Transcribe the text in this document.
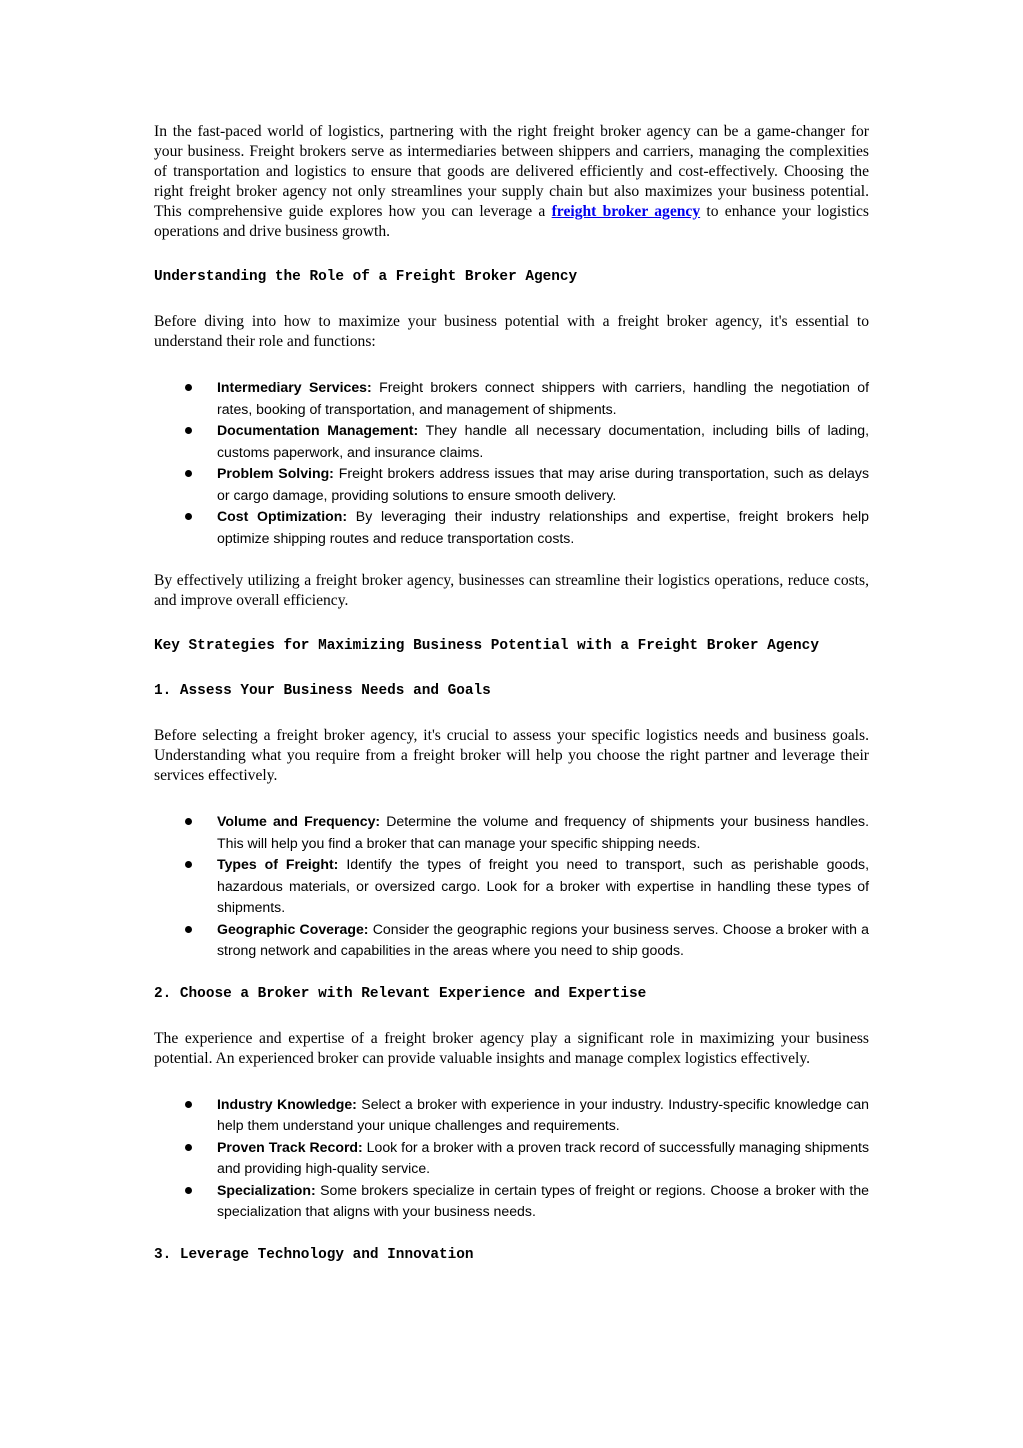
In the fast-paced world of logistics, partnering with the right freight broker agency can be a game-changer for your business. Freight brokers serve as intermediaries between shippers and carriers, managing the complexities of transportation and logistics to ensure that goods are delivered efficiently and cost-effectively. Choosing the right freight broker agency not only streamlines your supply chain but also maximizes your business potential. This comprehensive guide explores how you can leverage a freight broker agency to enhance your logistics operations and drive business growth.

Understanding the Role of a Freight Broker Agency

Before diving into how to maximize your business potential with a freight broker agency, it's essential to understand their role and functions:

Intermediary Services: Freight brokers connect shippers with carriers, handling the negotiation of rates, booking of transportation, and management of shipments.
Documentation Management: They handle all necessary documentation, including bills of lading, customs paperwork, and insurance claims.
Problem Solving: Freight brokers address issues that may arise during transportation, such as delays or cargo damage, providing solutions to ensure smooth delivery.
Cost Optimization: By leveraging their industry relationships and expertise, freight brokers help optimize shipping routes and reduce transportation costs.

By effectively utilizing a freight broker agency, businesses can streamline their logistics operations, reduce costs, and improve overall efficiency.

Key Strategies for Maximizing Business Potential with a Freight Broker Agency
1. Assess Your Business Needs and Goals

Before selecting a freight broker agency, it's crucial to assess your specific logistics needs and business goals. Understanding what you require from a freight broker will help you choose the right partner and leverage their services effectively.

Volume and Frequency: Determine the volume and frequency of shipments your business handles. This will help you find a broker that can manage your specific shipping needs.
Types of Freight: Identify the types of freight you need to transport, such as perishable goods, hazardous materials, or oversized cargo. Look for a broker with expertise in handling these types of shipments.
Geographic Coverage: Consider the geographic regions your business serves. Choose a broker with a strong network and capabilities in the areas where you need to ship goods.
2. Choose a Broker with Relevant Experience and Expertise

The experience and expertise of a freight broker agency play a significant role in maximizing your business potential. An experienced broker can provide valuable insights and manage complex logistics effectively.

Industry Knowledge: Select a broker with experience in your industry. Industry-specific knowledge can help them understand your unique challenges and requirements.
Proven Track Record: Look for a broker with a proven track record of successfully managing shipments and providing high-quality service.
Specialization: Some brokers specialize in certain types of freight or regions. Choose a broker with the specialization that aligns with your business needs.
3. Leverage Technology and Innovation
